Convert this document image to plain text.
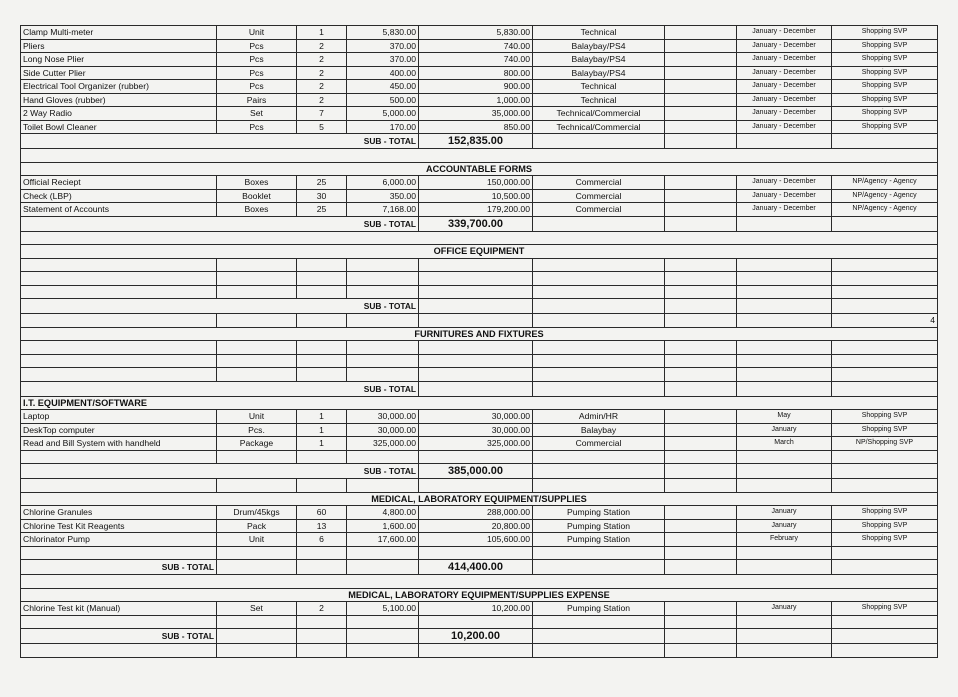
Clamp Multi-meter	Unit	1	5,830.00	5,830.00	Technical		January - December	Shopping SVP
Pliers	Pcs	2	370.00	740.00	Balaybay/PS4		January - December	Shopping SVP
Long Nose Plier	Pcs	2	370.00	740.00	Balaybay/PS4		January - December	Shopping SVP
Side Cutter Plier	Pcs	2	400.00	800.00	Balaybay/PS4		January - December	Shopping SVP
Electrical Tool Organizer (rubber)	Pcs	2	450.00	900.00	Technical		January - December	Shopping SVP
Hand Gloves (rubber)	Pairs	2	500.00	1,000.00	Technical		January - December	Shopping SVP
2 Way Radio	Set	7	5,000.00	35,000.00	Technical/Commercial		January - December	Shopping SVP
Toilet Bowl Cleaner	Pcs	5	170.00	850.00	Technical/Commercial		January - December	Shopping SVP
SUB - TOTAL				152,835.00				

ACCOUNTABLE FORMS								
Official Reciept	Boxes	25	6,000.00	150,000.00	Commercial		January - December	NP/Agency - Agency
Check (LBP)	Booklet	30	350.00	10,500.00	Commercial		January - December	NP/Agency - Agency
Statement of Accounts	Boxes	25	7,168.00	179,200.00	Commercial		January - December	NP/Agency - Agency
SUB - TOTAL				339,700.00				

OFFICE EQUIPMENT								

SUB - TOTAL								
								4
FURNITURES AND FIXTURES								

SUB - TOTAL								
I.T. EQUIPMENT/SOFTWARE								
Laptop	Unit	1	30,000.00	30,000.00	Admin/HR		May	Shopping SVP
DeskTop computer	Pcs.	1	30,000.00	30,000.00	Balaybay		January	Shopping SVP
Read and Bill System with handheld	Package	1	325,000.00	325,000.00	Commercial		March	NP/Shopping SVP

SUB - TOTAL				385,000.00				

MEDICAL, LABORATORY EQUIPMENT/SUPPLIES								
Chlorine Granules	Drum/45kgs	60	4,800.00	288,000.00	Pumping Station		January	Shopping SVP
Chlorine Test Kit Reagents	Pack	13	1,600.00	20,800.00	Pumping Station		January	Shopping SVP
Chlorinator Pump	Unit	6	17,600.00	105,600.00	Pumping Station		February	Shopping SVP

SUB - TOTAL				414,400.00				

MEDICAL, LABORATORY EQUIPMENT/SUPPLIES EXPENSE								
Chlorine Test kit (Manual)	Set	2	5,100.00	10,200.00	Pumping Station		January	Shopping SVP

SUB - TOTAL				10,200.00				
